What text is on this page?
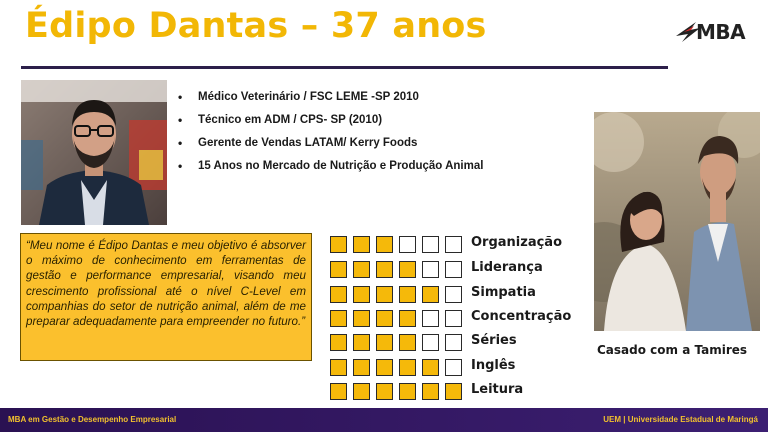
Édipo Dantas – 37 anos	MBA
• Médico Veterinário / FSC LEME -SP 2010
• Técnico em ADM / CPS- SP (2010)
• Gerente de Vendas LATAM/ Kerry Foods
• 15 Anos no Mercado de Nutrição e Produção Animal
“Meu nome é Édipo Dantas e meu objetivo é absorver o máximo de conhecimento em ferramentas de gestão e performance empresarial, visando meu crescimento profissional até o nível C-Level em companhias do setor de nutrição animal, além de me preparar adequadamente para empreender no futuro.”
Organização
Liderança
Simpatia
Concentração
Séries
Inglês
Leitura
Casado com a Tamires
MBA em Gestão e Desempenho Empresarial	UEM | Universidade Estadual de Maringá
